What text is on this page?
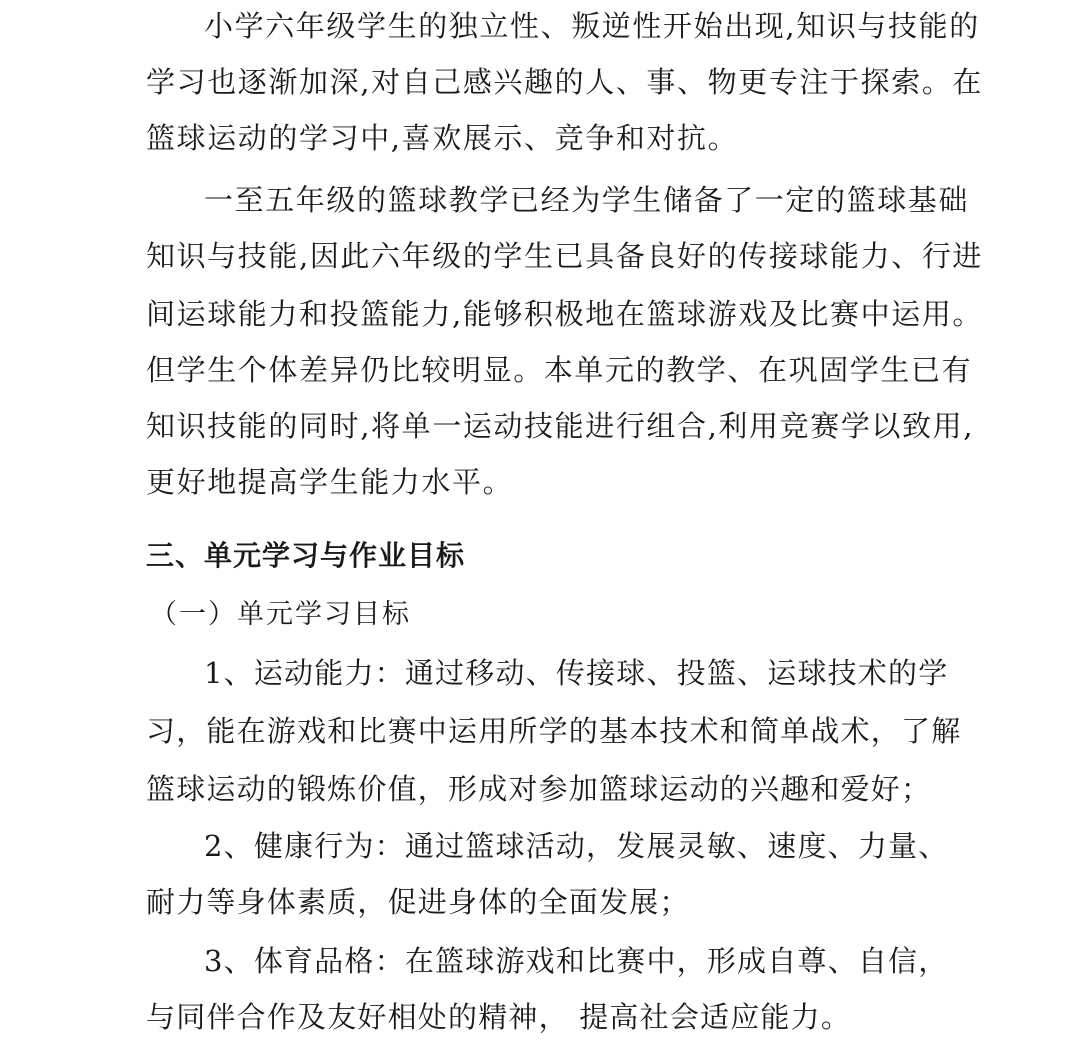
小学六年级学生的独立性、叛逆性开始出现,知识与技能的
学习也逐渐加深,对自己感兴趣的人、事、物更专注于探索。在
篮球运动的学习中,喜欢展示、竞争和对抗。
一至五年级的篮球教学已经为学生储备了一定的篮球基础
知识与技能,因此六年级的学生已具备良好的传接球能力、行进
间运球能力和投篮能力,能够积极地在篮球游戏及比赛中运用。
但学生个体差异仍比较明显。本单元的教学、在巩固学生已有
知识技能的同时,将单一运动技能进行组合,利用竞赛学以致用,
更好地提高学生能力水平。
三、单元学习与作业目标
（一）单元学习目标
1、运动能力：通过移动、传接球、投篮、运球技术的学
习，能在游戏和比赛中运用所学的基本技术和简单战术，了解
篮球运动的锻炼价值，形成对参加篮球运动的兴趣和爱好；
2、健康行为：通过篮球活动，发展灵敏、速度、力量、
耐力等身体素质，促进身体的全面发展；
3、体育品格：在篮球游戏和比赛中，形成自尊、自信，
与同伴合作及友好相处的精神， 提高社会适应能力。
